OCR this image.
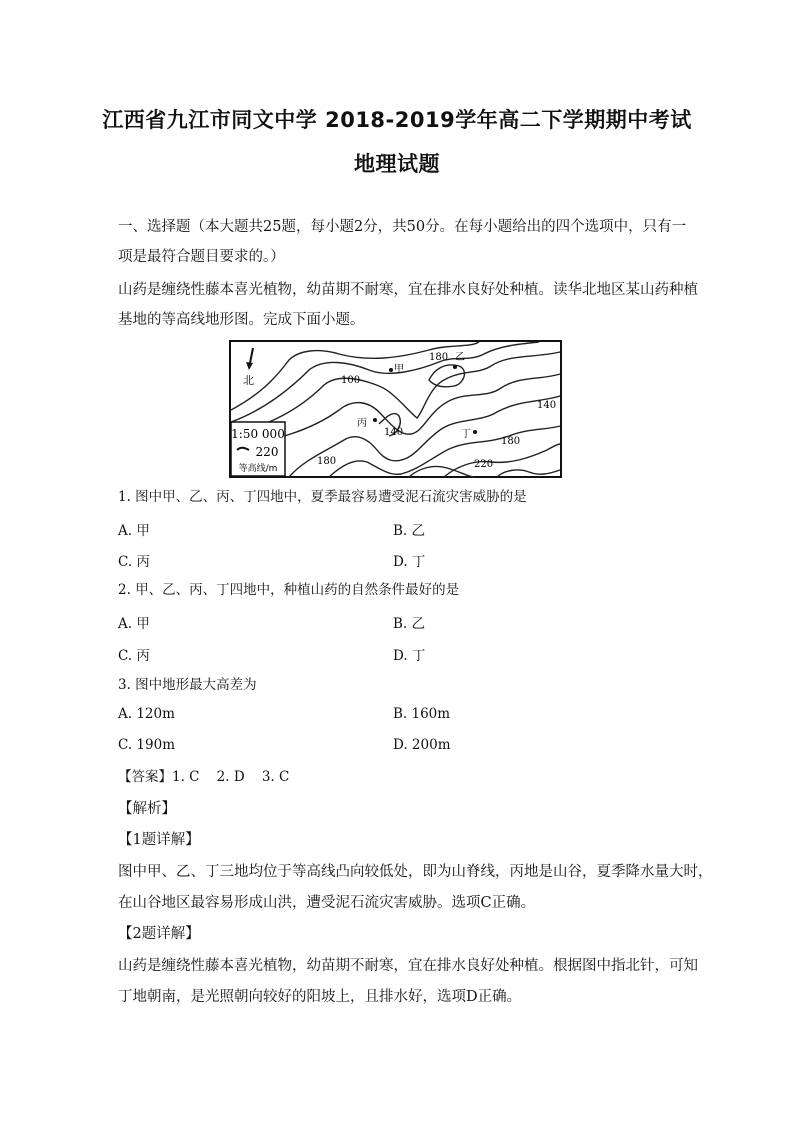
江西省九江市同文中学 2018-2019学年高二下学期期中考试
地理试题
一、选择题（本大题共25题，每小题2分，共50分。在每小题给出的四个选项中，只有一
项是最符合题目要求的。）
山药是缠绕性藤本喜光植物，幼苗期不耐寒，宜在排水良好处种植。读华北地区某山药种植
基地的等高线地形图。完成下面小题。
1:50 000
220
等高线/m
北	100
180
140
140
180
220
180
甲
乙
丙
丁
1. 图中甲、乙、丙、丁四地中，夏季最容易遭受泥石流灾害威胁的是
A. 甲	B. 乙
C. 丙	D. 丁
2. 甲、乙、丙、丁四地中，种植山药的自然条件最好的是
A. 甲	B. 乙
C. 丙	D. 丁
3. 图中地形最大高差为
A. 120m	B. 160m
C. 190m	D. 200m
【答案】1. C    2. D    3. C
【解析】
【1题详解】
图中甲、乙、丁三地均位于等高线凸向较低处，即为山脊线，丙地是山谷，夏季降水量大时，
在山谷地区最容易形成山洪，遭受泥石流灾害威胁。选项C正确。
【2题详解】
山药是缠绕性藤本喜光植物，幼苗期不耐寒，宜在排水良好处种植。根据图中指北针，可知
丁地朝南，是光照朝向较好的阳坡上，且排水好，选项D正确。
